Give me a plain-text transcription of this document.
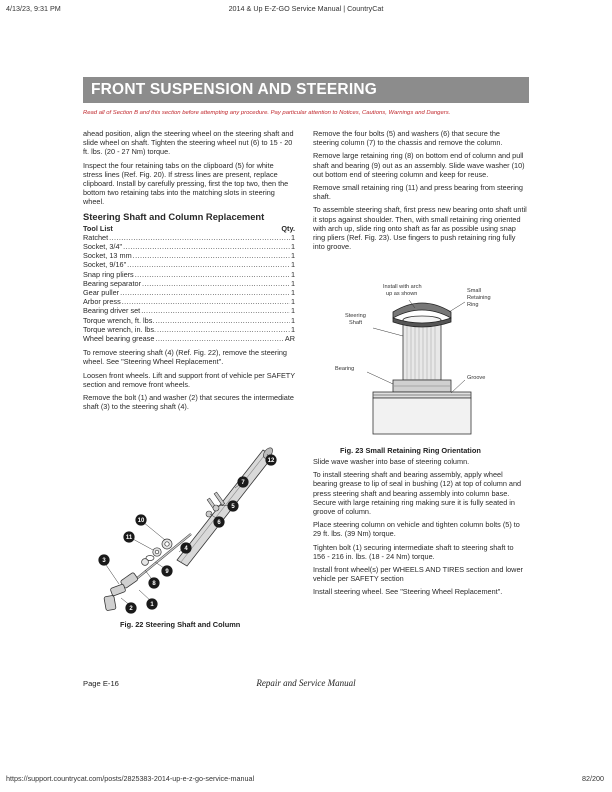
4/13/23, 9:31 PM	2014 & Up E-Z-GO Service Manual | CountryCat
FRONT SUSPENSION AND STEERING
Read all of Section B and this section before attempting any procedure. Pay particular attention to Notices, Cautions, Warnings and Dangers.

ahead position, align the steering wheel on the steering shaft and slide wheel on shaft. Tighten the steering wheel nut (6) to 15 - 20 ft. lbs. (20 - 27 Nm) torque.

Inspect the four retaining tabs on the clipboard (5) for white stress lines (Ref. Fig. 20). If stress lines are present, replace clipboard. Install by carefully pressing, first the top two, then the bottom two retaining tabs into the matching slots in steering wheel.

Steering Shaft and Column Replacement
Tool List	Qty.
Ratchet .....	1
Socket, 3/4" .....	1
Socket, 13 mm .....	1
Socket, 9/16" .....	1
Snap ring pliers .....	1
Bearing separator .....	1
Gear puller .....	1
Arbor press .....	1
Bearing driver set .....	1
Torque wrench, ft. lbs. .....	1
Torque wrench, in. lbs. .....	1
Wheel bearing grease .....	AR

To remove steering shaft (4) (Ref. Fig. 22), remove the steering wheel. See "Steering Wheel Replacement".

Loosen front wheels. Lift and support front of vehicle per SAFETY section and remove front wheels.

Remove the bolt (1) and washer (2) that secures the intermediate shaft (3) to the steering shaft (4).

1
2
3
4
5
6
7
8
9
10
11
12
Fig. 22 Steering Shaft and Column

Remove the four bolts (5) and washers (6) that secure the steering column (7) to the chassis and remove the column.

Remove large retaining ring (8) on bottom end of column and pull shaft and bearing (9) out as an assembly. Slide wave washer (10) out bottom end of steering column and keep for reuse.

Remove small retaining ring (11) and press bearing from steering shaft.

To assemble steering shaft, first press new bearing onto shaft until it stops against shoulder. Then, with small retaining ring oriented with arch up, slide ring onto shaft as far as possible using snap ring pliers (Ref. Fig. 23). Use fingers to push retaining ring fully into groove.

Install with arch
up as shown	Small
Retaining
Ring
Steering
Shaft
Bearing
Groove
Fig. 23 Small Retaining Ring Orientation

Slide wave washer into base of steering column.

To install steering shaft and bearing assembly, apply wheel bearing grease to lip of seal in bushing (12) at top of column and press steering shaft and bearing assembly into column base. Secure with large retaining ring making sure it is fully seated in groove of column.

Place steering column on vehicle and tighten column bolts (5) to 29 ft. lbs. (39 Nm) torque.

Tighten bolt (1) securing intermediate shaft to steering shaft to 156 - 216 in. lbs. (18 - 24 Nm) torque.

Install front wheel(s) per WHEELS AND TIRES section and lower vehicle per SAFETY section

Install steering wheel. See "Steering Wheel Replacement".

Page E-16	Repair and Service Manual
https://support.countrycat.com/posts/2825383-2014-up-e-z-go-service-manual	82/200
